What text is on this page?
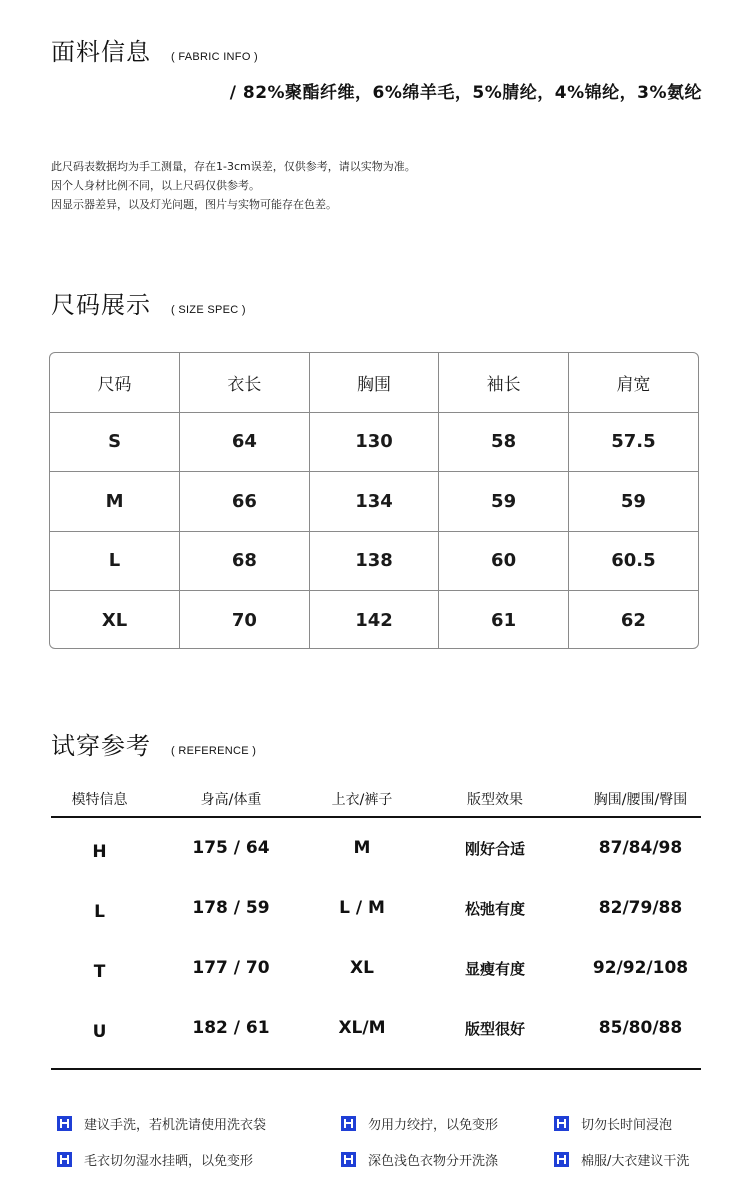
面料信息 ( FABRIC INFO )
/ 82%聚酯纤维，6%绵羊毛，5%腈纶，4%锦纶，3%氨纶
此尺码表数据均为手工测量，存在1-3cm误差，仅供参考，请以实物为准。
因个人身材比例不同，以上尺码仅供参考。
因显示器差异，以及灯光问题，图片与实物可能存在色差。
尺码展示 ( SIZE SPEC )
尺码	衣长	胸围	袖长	肩宽
S	64	130	58	57.5
M	66	134	59	59
L	68	138	60	60.5
XL	70	142	61	62
试穿参考 ( REFERENCE )
模特信息	身高/体重	上衣/裤子	版型效果	胸围/腰围/臀围
H	175 / 64	M	刚好合适	87/84/98
L	178 / 59	L / M	松弛有度	82/79/88
T	177 / 70	XL	显瘦有度	92/92/108
U	182 / 61	XL/M	版型很好	85/80/88
建议手洗，若机洗请使用洗衣袋	勿用力绞拧，以免变形	切勿长时间浸泡
毛衣切勿湿水挂晒，以免变形	深色浅色衣物分开洗涤	棉服/大衣建议干洗
